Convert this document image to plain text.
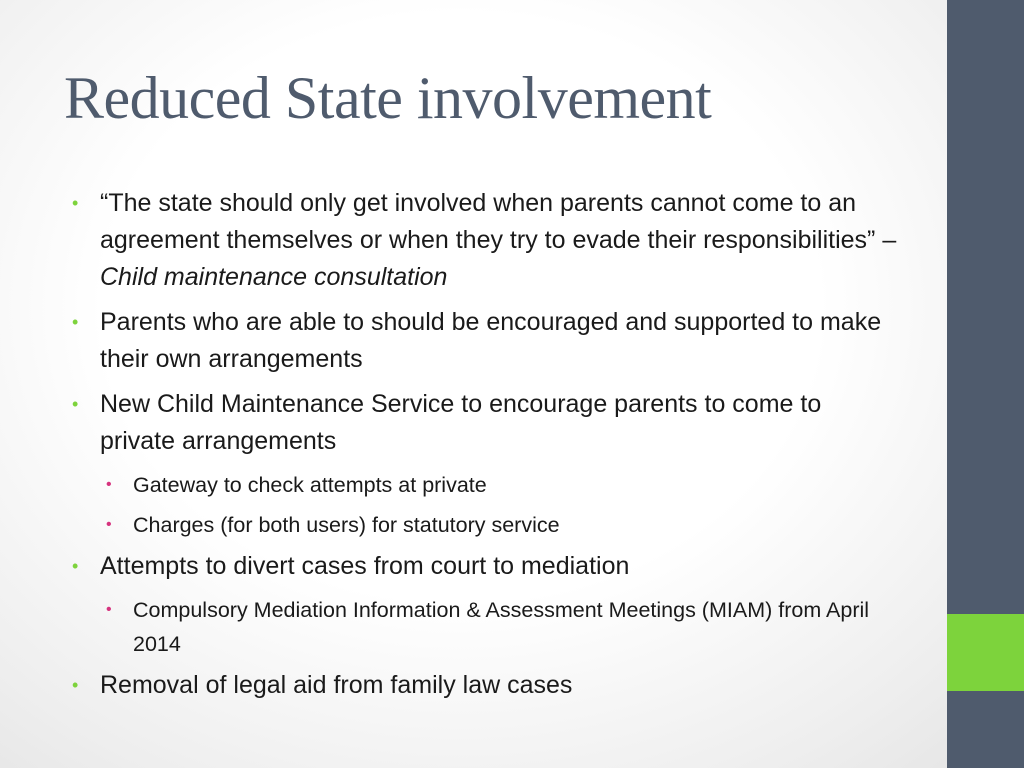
Reduced State involvement
• “The state should only get involved when parents cannot come to an agreement themselves or when they try to evade their responsibilities” – Child maintenance consultation
• Parents who are able to should be encouraged and supported to make their own arrangements
• New Child Maintenance Service to encourage parents to come to private arrangements
• Gateway to check attempts at private
• Charges (for both users) for statutory service
• Attempts to divert cases from court to mediation
• Compulsory Mediation Information & Assessment Meetings (MIAM) from April 2014
• Removal of legal aid from family law cases
